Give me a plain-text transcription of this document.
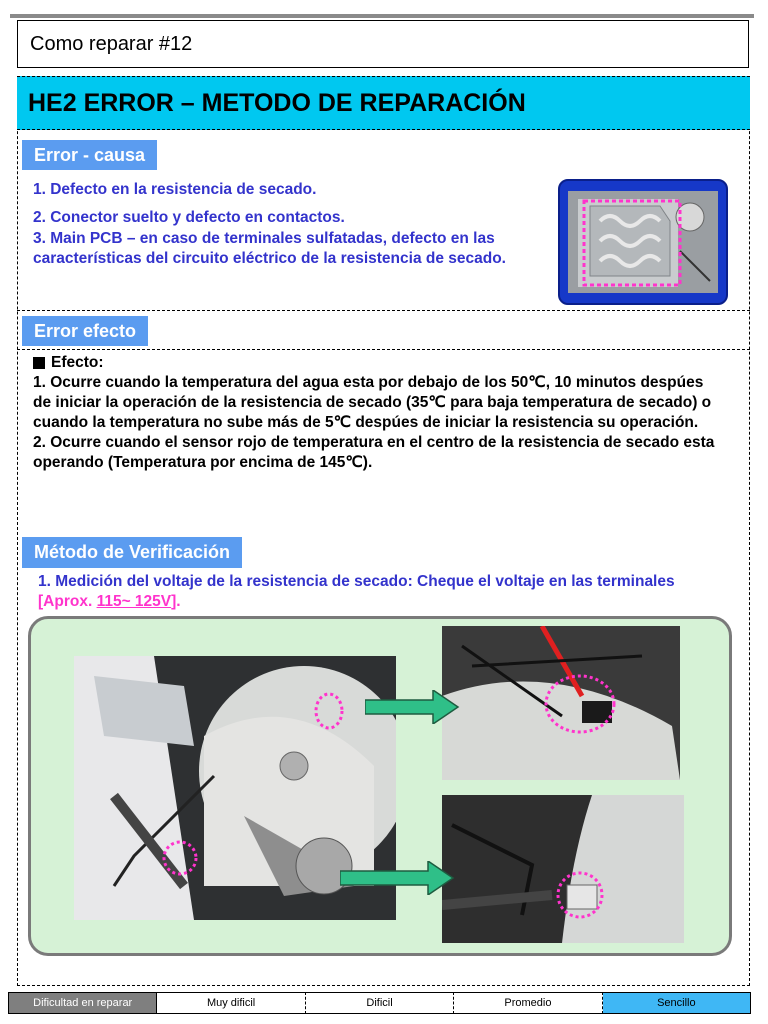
Como reparar #12
HE2 ERROR – METODO DE REPARACIÓN
Error - causa
1. Defecto en la resistencia de secado.
2. Conector suelto y defecto en contactos.
3. Main PCB – en caso de terminales sulfatadas, defecto en las características del circuito eléctrico de la resistencia de secado.
Error efecto
Efecto:
1. Ocurre cuando la temperatura del agua esta por debajo de los 50℃, 10 minutos despúes de iniciar la operación de la resistencia de secado (35℃ para baja temperatura de secado) o cuando la temperatura no sube más de 5℃ despúes de iniciar la resistencia su operación.
2. Ocurre cuando el sensor rojo de temperatura en el centro de la resistencia de secado esta operando (Temperatura por encima de 145℃).
Método de Verificación
1. Medición del voltaje de la resistencia de secado: Cheque el voltaje en las terminales [Aprox. 115~ 125V].
Dificultad en reparar	Muy dificil	Dificil	Promedio	Sencillo
